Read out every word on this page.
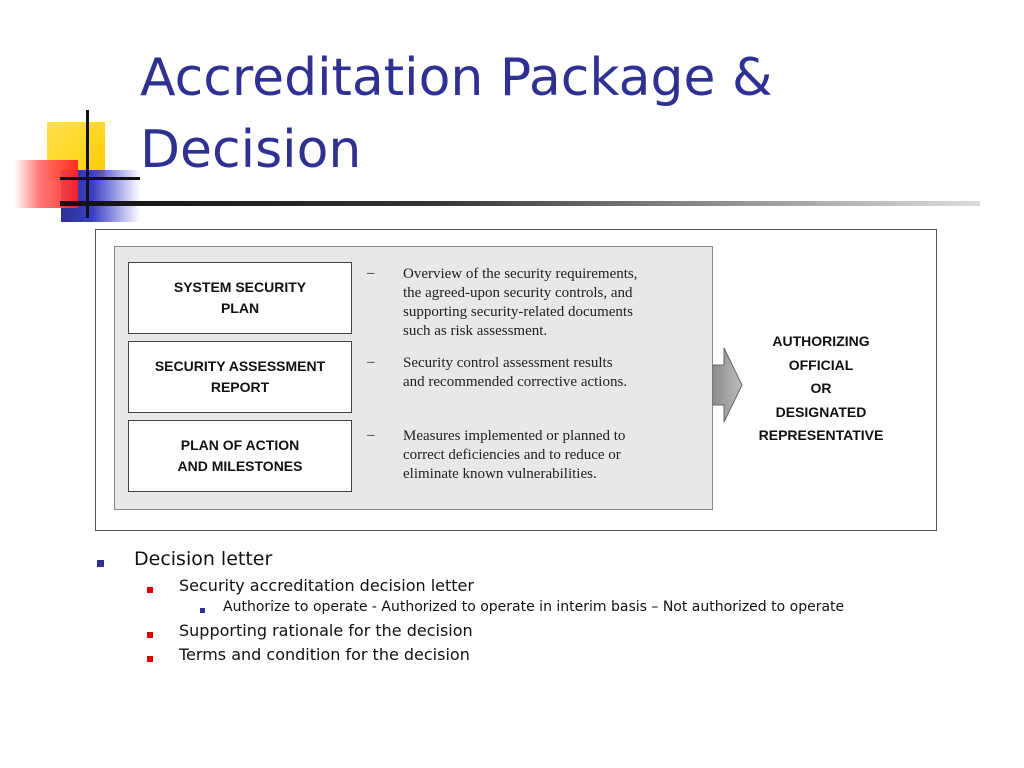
Accreditation Package &
Decision
SYSTEM SECURITY
PLAN
– Overview of the security requirements,
the agreed-upon security controls, and
supporting security-related documents
such as risk assessment.
SECURITY ASSESSMENT
REPORT
– Security control assessment results
and recommended corrective actions.
PLAN OF ACTION
AND MILESTONES
– Measures implemented or planned to
correct deficiencies and to reduce or
eliminate known vulnerabilities.
AUTHORIZING
OFFICIAL
OR
DESIGNATED
REPRESENTATIVE
Decision letter
Security accreditation decision letter
Authorize to operate - Authorized to operate in interim basis – Not authorized to operate
Supporting rationale for the decision
Terms and condition for the decision
